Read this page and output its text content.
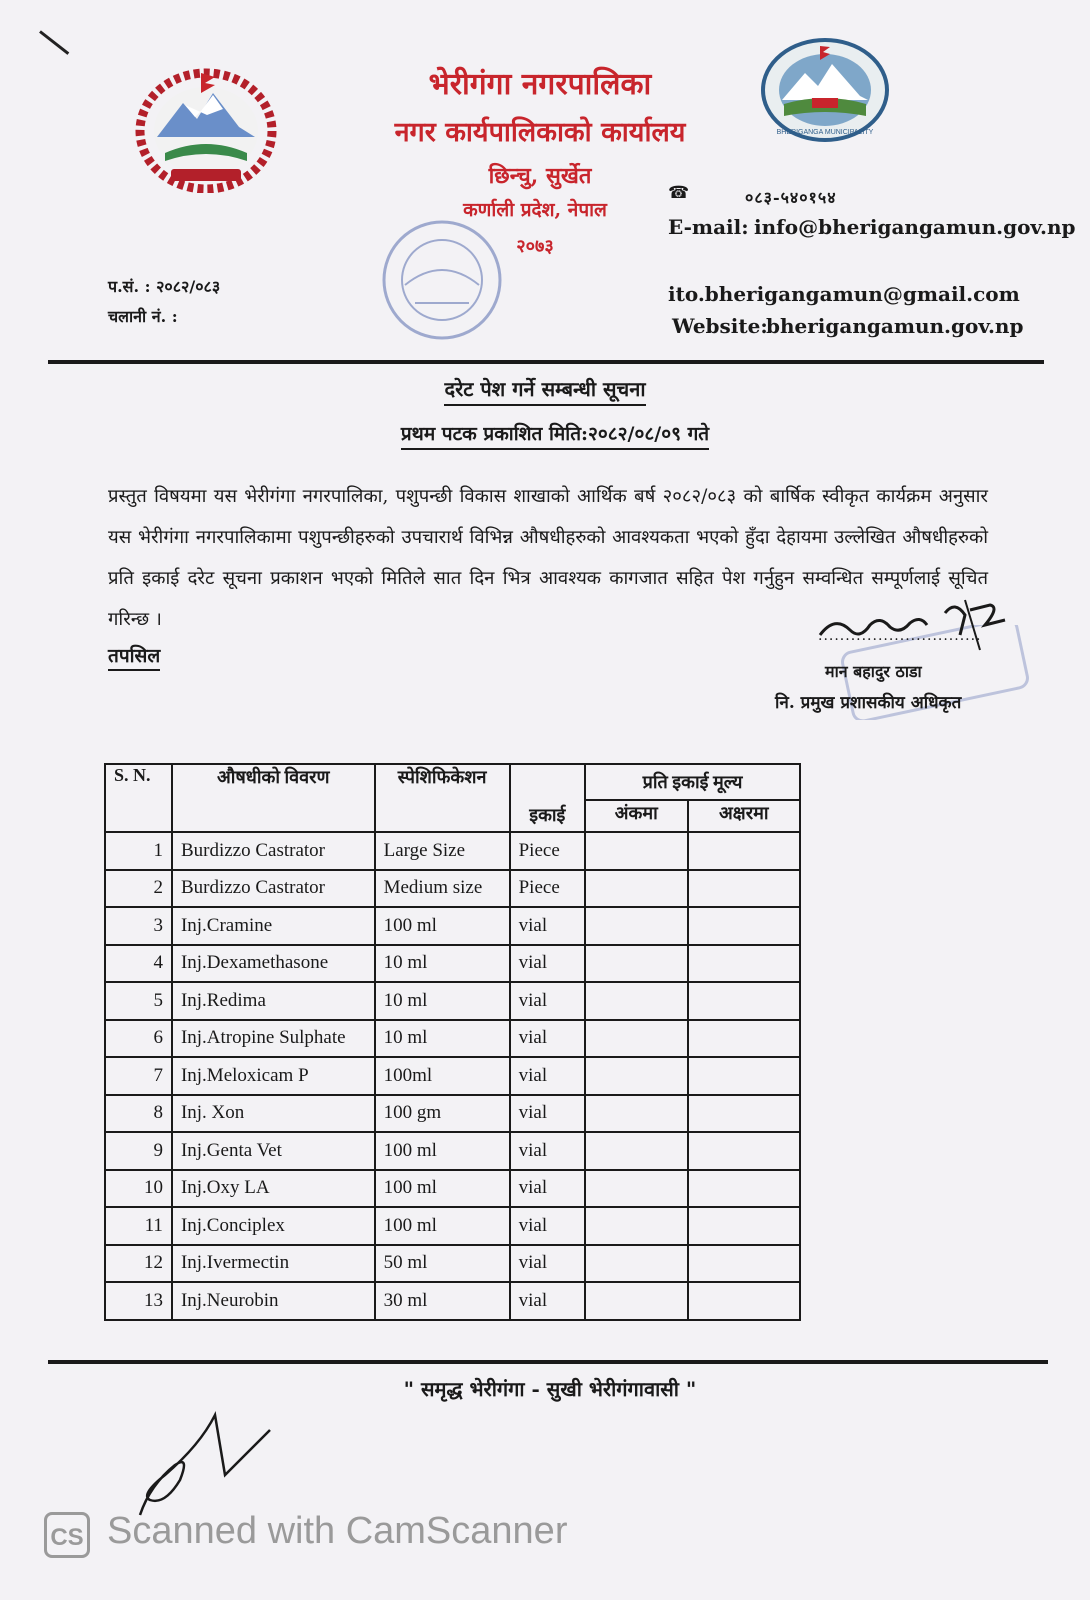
BHERIGANGA MUNICIPALITY
भेरीगंगा नगरपालिका
नगर कार्यपालिकाको कार्यालय
छिन्चु, सुर्खेत
कर्णाली प्रदेश, नेपाल
२०७३
☎	०८३-५४०१५४
E-mail: info@bherigangamun.gov.np
ito.bherigangamun@gmail.com
Website:
bherigangamun.gov.np
प.सं. : २०८२/०८३
चलानी नं. :
दरेट पेश गर्ने सम्बन्धी सूचना
प्रथम पटक प्रकाशित मिति:२०८२/०८/०९ गते
प्रस्तुत विषयमा यस भेरीगंगा नगरपालिका, पशुपन्छी विकास शाखाको आर्थिक बर्ष २०८२/०८३ को बार्षिक स्वीकृत कार्यक्रम अनुसार यस भेरीगंगा नगरपालिकामा पशुपन्छीहरुको उपचारार्थ विभिन्न औषधीहरुको आवश्यकता भएको हुँदा देहायमा उल्लेखित औषधीहरुको प्रति इकाई दरेट सूचना प्रकाशन भएको मितिले सात दिन भित्र आवश्यक कागजात सहित पेश गर्नुहुन सम्वन्धित सम्पूर्णलाई सूचित गरिन्छ ।
तपसिल
..............................
मान बहादुर ठाडा
नि. प्रमुख प्रशासकीय अधिकृत
S. N.	औषधीको विवरण	स्पेशिफिकेशन	इकाई	प्रति इकाई मूल्य	
				अंकमा	अक्षरमा
1	Burdizzo Castrator	Large Size	Piece		
2	Burdizzo Castrator	Medium size	Piece		
3	Inj.Cramine	100 ml	vial		
4	Inj.Dexamethasone	10 ml	vial		
5	Inj.Redima	10 ml	vial		
6	Inj.Atropine Sulphate	10 ml	vial		
7	Inj.Meloxicam P	100ml	vial		
8	Inj. Xon	100 gm	vial		
9	Inj.Genta Vet	100 ml	vial		
10	Inj.Oxy LA	100 ml	vial		
11	Inj.Conciplex	100 ml	vial		
12	Inj.Ivermectin	50 ml	vial		
13	Inj.Neurobin	30 ml	vial		
" समृद्ध भेरीगंगा - सुखी भेरीगंगावासी "
CS Scanned with CamScanner
